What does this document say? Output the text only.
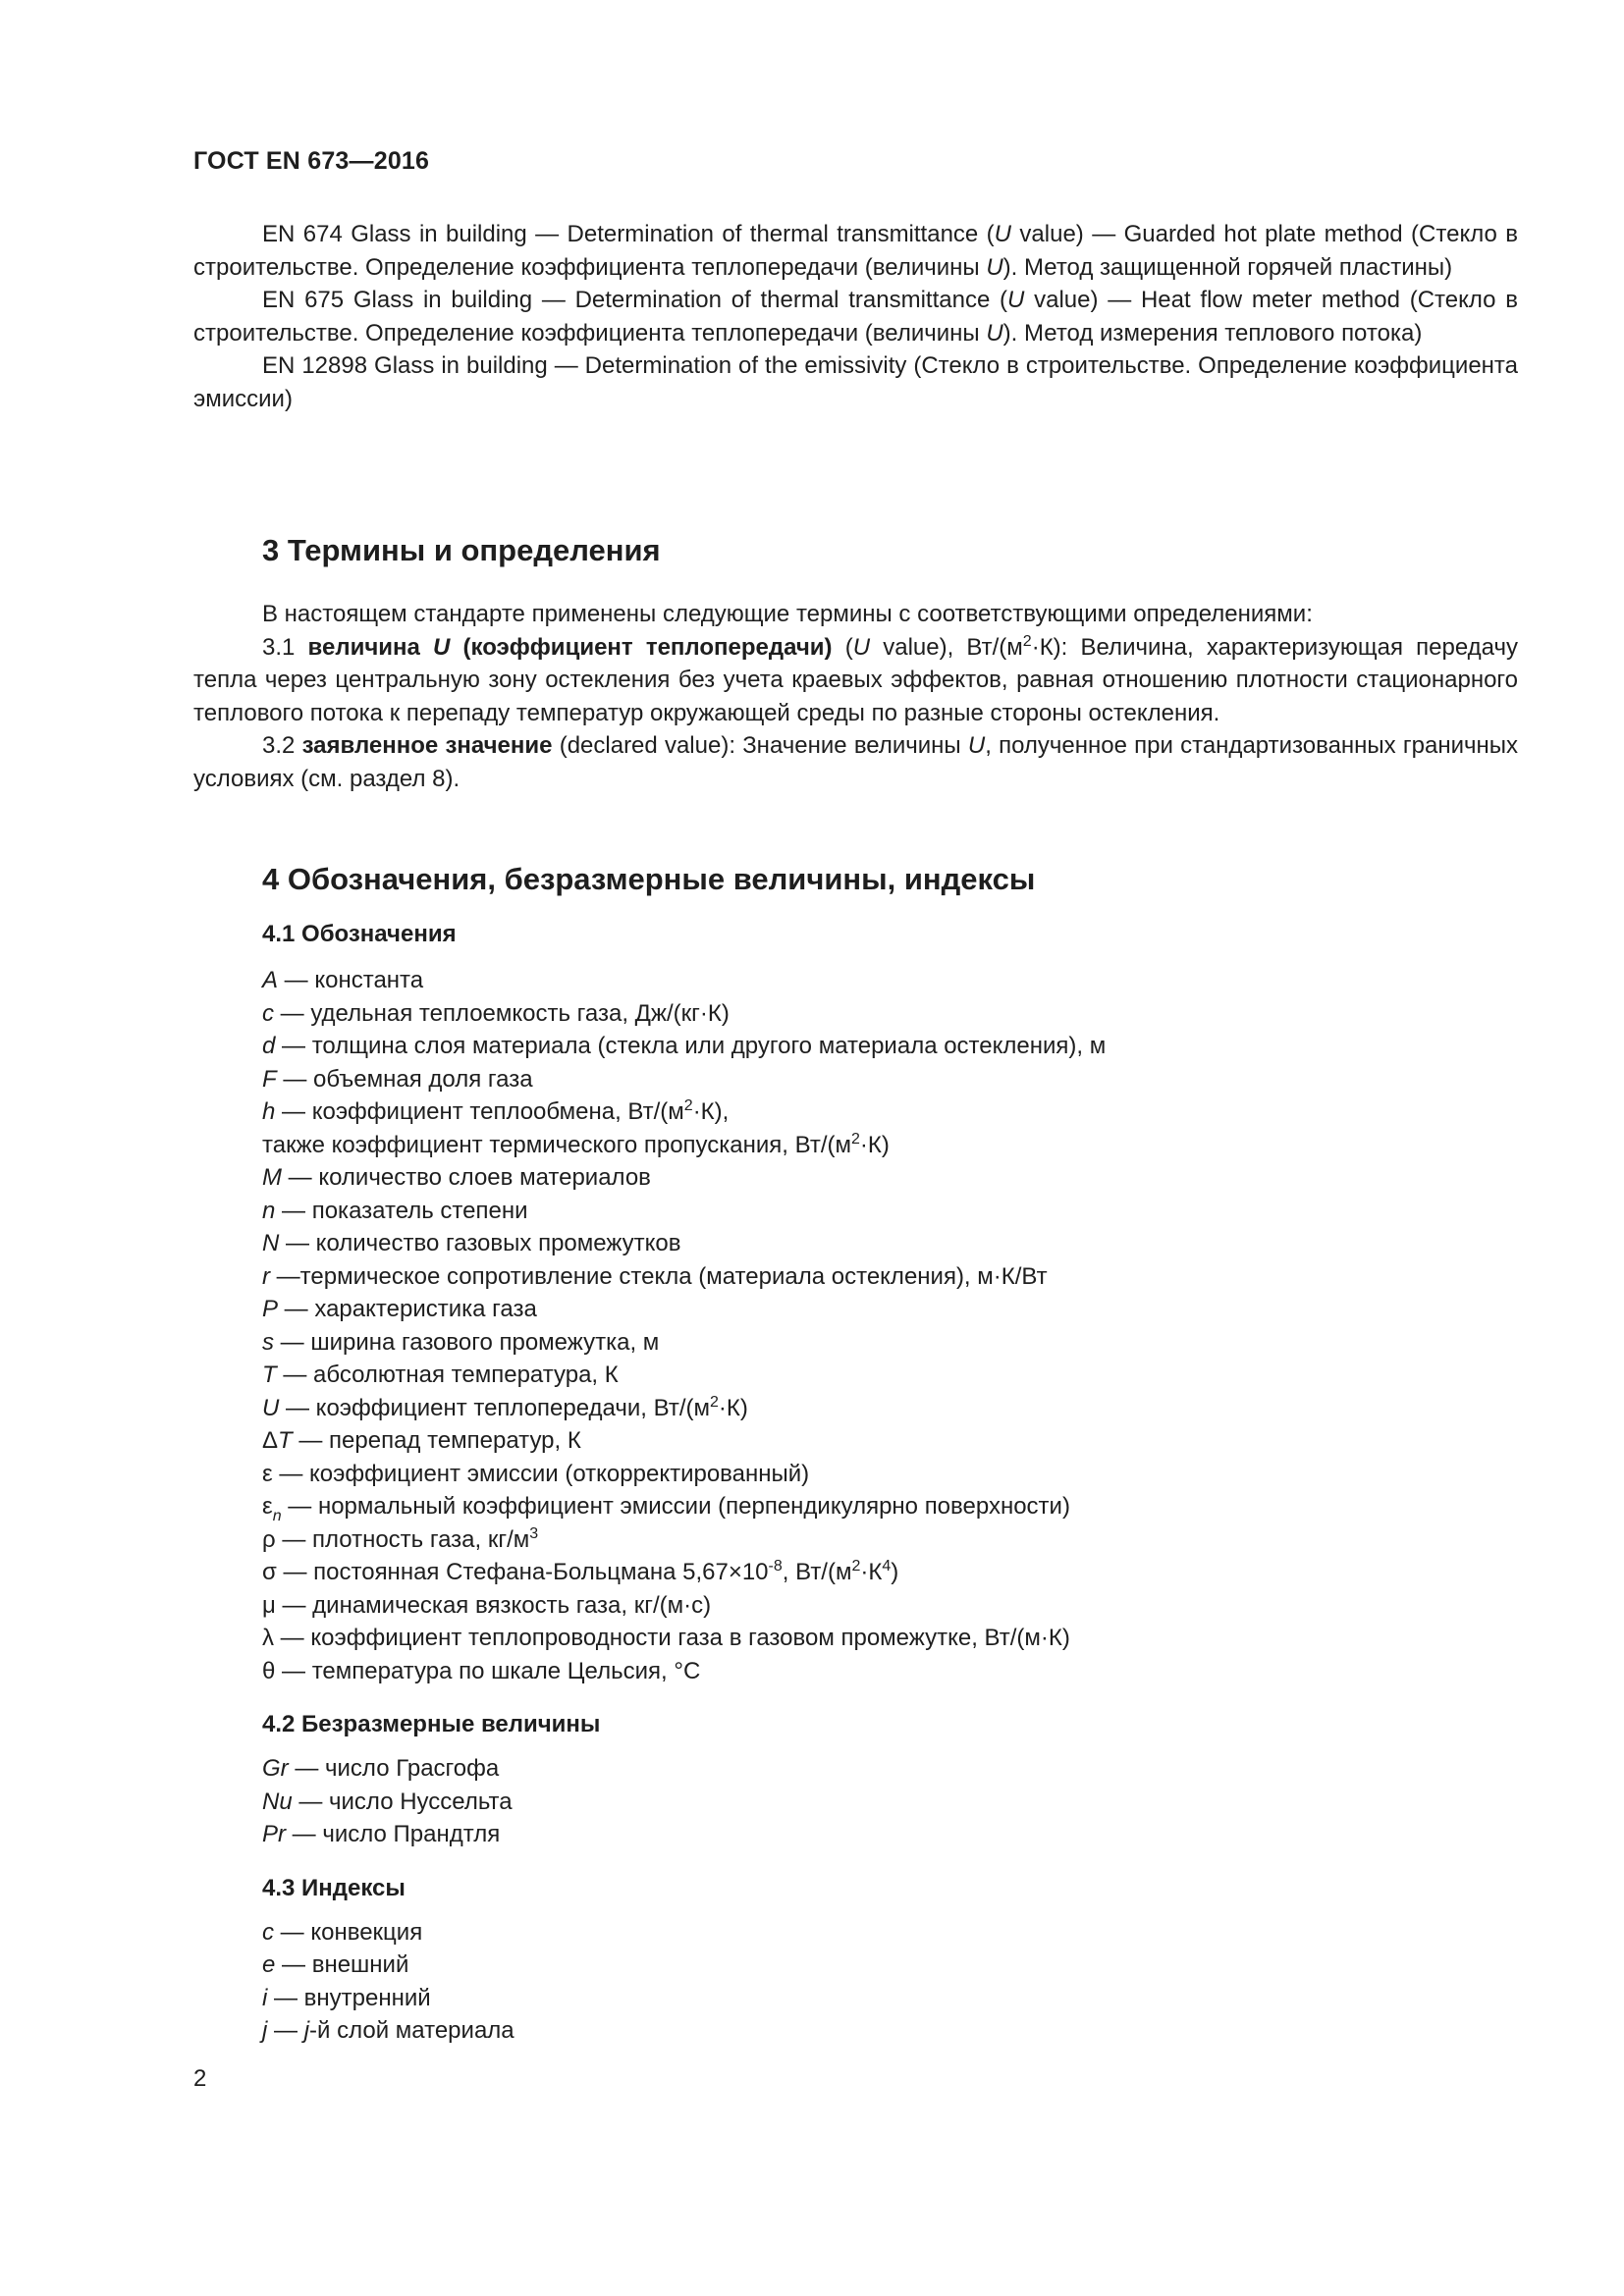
ГОСТ EN 673—2016

EN 674 Glass in building — Determination of thermal transmittance (U value) — Guarded hot plate method (Стекло в строительстве. Определение коэффициента теплопередачи (величины U). Метод защищенной горячей пластины)

EN 675 Glass in building — Determination of thermal transmittance (U value) — Heat flow meter method (Стекло в строительстве. Определение коэффициента теплопередачи (величины U). Метод измерения теплового потока)

EN 12898 Glass in building — Determination of the emissivity (Стекло в строительстве. Определение коэффициента эмиссии)

3 Термины и определения

В настоящем стандарте применены следующие термины с соответствующими определениями:

3.1 величина U (коэффициент теплопередачи) (U value), $Вт/(м^2\cdot К)$: Величина, характеризующая передачу тепла через центральную зону остекления без учета краевых эффектов, равная отношению плотности стационарного теплового потока к перепаду температур окружающей среды по разные стороны остекления.

3.2 заявленное значение (declared value): Значение величины U, полученное при стандартизованных граничных условиях (см. раздел 8).

4 Обозначения, безразмерные величины, индексы
4.1 Обозначения
A — константа
c — удельная теплоемкость газа, Дж/(кг·К)
d — толщина слоя материала (стекла или другого материала остекления), м
F — объемная доля газа
h — коэффициент теплообмена, $Вт/(м^2\cdot К)$,
также коэффициент термического пропускания, $Вт/(м^2\cdot К)$
M — количество слоев материалов
n — показатель степени
N — количество газовых промежутков
r —термическое сопротивление стекла (материала остекления), м·К/Вт
P — характеристика газа
s — ширина газового промежутка, м
T — абсолютная температура, К
U — коэффициент теплопередачи, $Вт/(м^2\cdot К)$
ΔT — перепад температур, К
ε — коэффициент эмиссии (откорректированный)
$\varepsilon_n$ — нормальный коэффициент эмиссии (перпендикулярно поверхности)
ρ — плотность газа, $кг/м^3$
σ — постоянная Стефана-Больцмана $5,67\times 10^{-8}$, $Вт/(м^2\cdot К^4)$
μ — динамическая вязкость газа, кг/(м·с)
λ — коэффициент теплопроводности газа в газовом промежутке, Вт/(м·К)
θ — температура по шкале Цельсия, °С
4.2 Безразмерные величины
Gr — число Грасгофа
Nu — число Нуссельта
Pr — число Прандтля
4.3 Индексы
c — конвекция
e — внешний
i — внутренний
j — j-й слой материала
2
